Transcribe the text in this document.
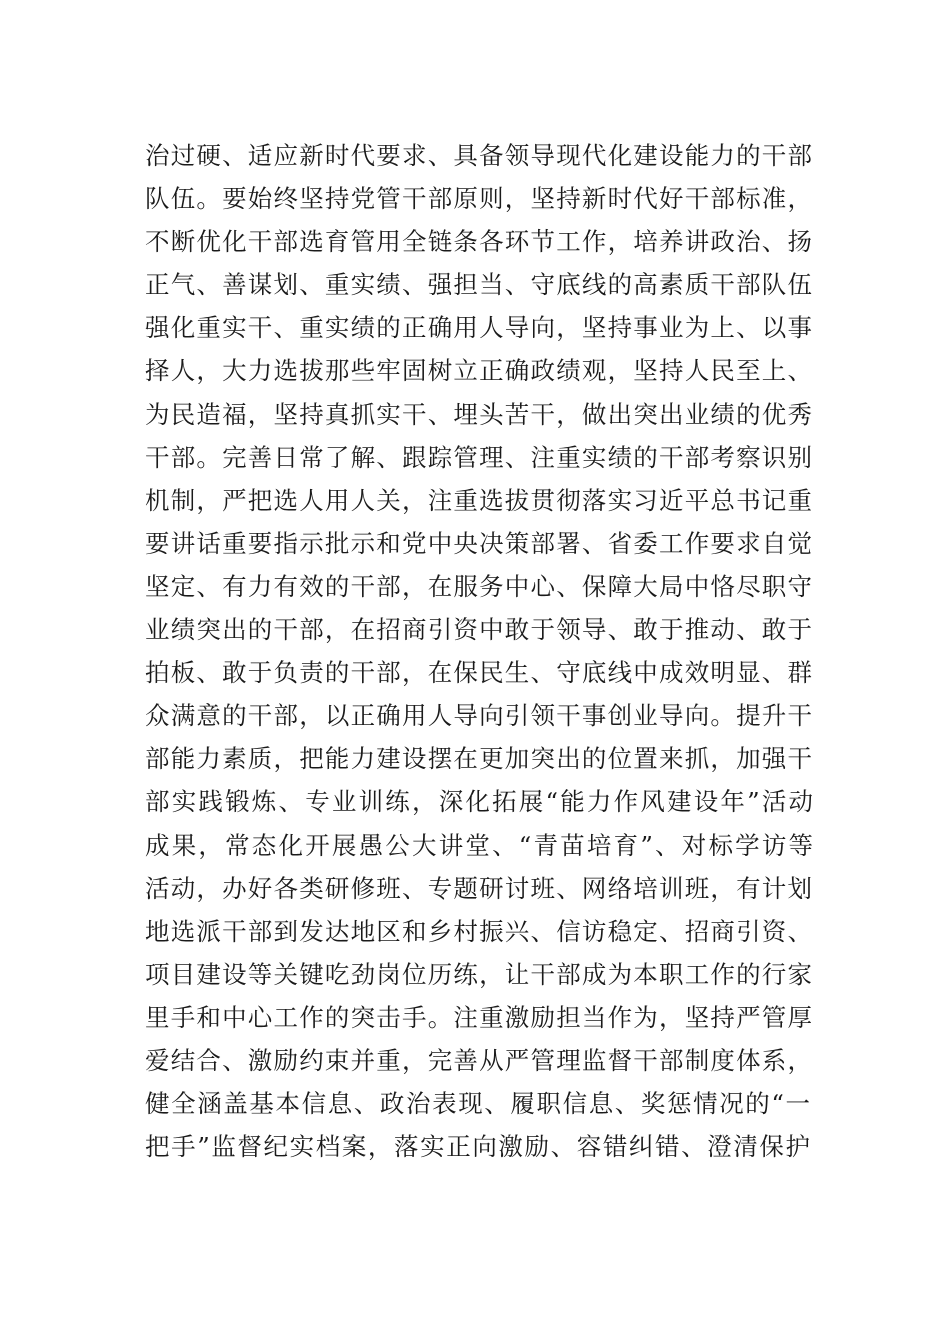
治过硬、适应新时代要求、具备领导现代化建设能力的干部
队伍。要始终坚持党管干部原则，坚持新时代好干部标准，
不断优化干部选育管用全链条各环节工作，培养讲政治、扬
正气、善谋划、重实绩、强担当、守底线的高素质干部队伍
强化重实干、重实绩的正确用人导向，坚持事业为上、以事
择人，大力选拔那些牢固树立正确政绩观，坚持人民至上、
为民造福，坚持真抓实干、埋头苦干，做出突出业绩的优秀
干部。完善日常了解、跟踪管理、注重实绩的干部考察识别
机制，严把选人用人关，注重选拔贯彻落实习近平总书记重
要讲话重要指示批示和党中央决策部署、省委工作要求自觉
坚定、有力有效的干部，在服务中心、保障大局中恪尽职守
业绩突出的干部，在招商引资中敢于领导、敢于推动、敢于
拍板、敢于负责的干部，在保民生、守底线中成效明显、群
众满意的干部，以正确用人导向引领干事创业导向。提升干
部能力素质，把能力建设摆在更加突出的位置来抓，加强干
部实践锻炼、专业训练，深化拓展“能力作风建设年”活动
成果，常态化开展愚公大讲堂、“青苗培育”、对标学访等
活动，办好各类研修班、专题研讨班、网络培训班，有计划
地选派干部到发达地区和乡村振兴、信访稳定、招商引资、
项目建设等关键吃劲岗位历练，让干部成为本职工作的行家
里手和中心工作的突击手。注重激励担当作为，坚持严管厚
爱结合、激励约束并重，完善从严管理监督干部制度体系，
健全涵盖基本信息、政治表现、履职信息、奖惩情况的“一
把手”监督纪实档案，落实正向激励、容错纠错、澄清保护
